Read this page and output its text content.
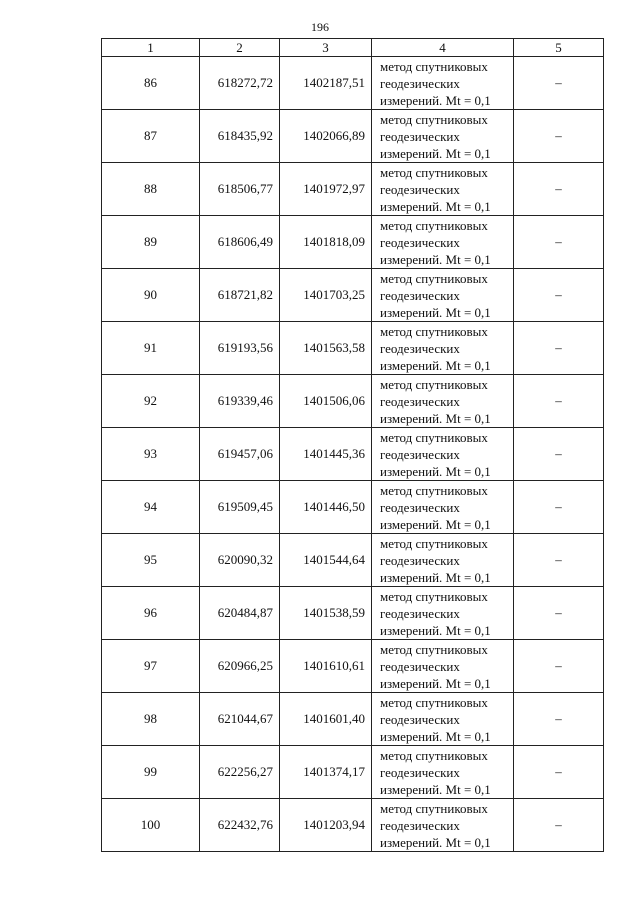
196
1	2	3	4	5
86	618272,72	1402187,51	метод спутниковых
геодезических
измерений. Mt = 0,1	–
87	618435,92	1402066,89	метод спутниковых
геодезических
измерений. Mt = 0,1	–
88	618506,77	1401972,97	метод спутниковых
геодезических
измерений. Mt = 0,1	–
89	618606,49	1401818,09	метод спутниковых
геодезических
измерений. Mt = 0,1	–
90	618721,82	1401703,25	метод спутниковых
геодезических
измерений. Mt = 0,1	–
91	619193,56	1401563,58	метод спутниковых
геодезических
измерений. Mt = 0,1	–
92	619339,46	1401506,06	метод спутниковых
геодезических
измерений. Mt = 0,1	–
93	619457,06	1401445,36	метод спутниковых
геодезических
измерений. Mt = 0,1	–
94	619509,45	1401446,50	метод спутниковых
геодезических
измерений. Mt = 0,1	–
95	620090,32	1401544,64	метод спутниковых
геодезических
измерений. Mt = 0,1	–
96	620484,87	1401538,59	метод спутниковых
геодезических
измерений. Mt = 0,1	–
97	620966,25	1401610,61	метод спутниковых
геодезических
измерений. Mt = 0,1	–
98	621044,67	1401601,40	метод спутниковых
геодезических
измерений. Mt = 0,1	–
99	622256,27	1401374,17	метод спутниковых
геодезических
измерений. Mt = 0,1	–
100	622432,76	1401203,94	метод спутниковых
геодезических
измерений. Mt = 0,1	–
